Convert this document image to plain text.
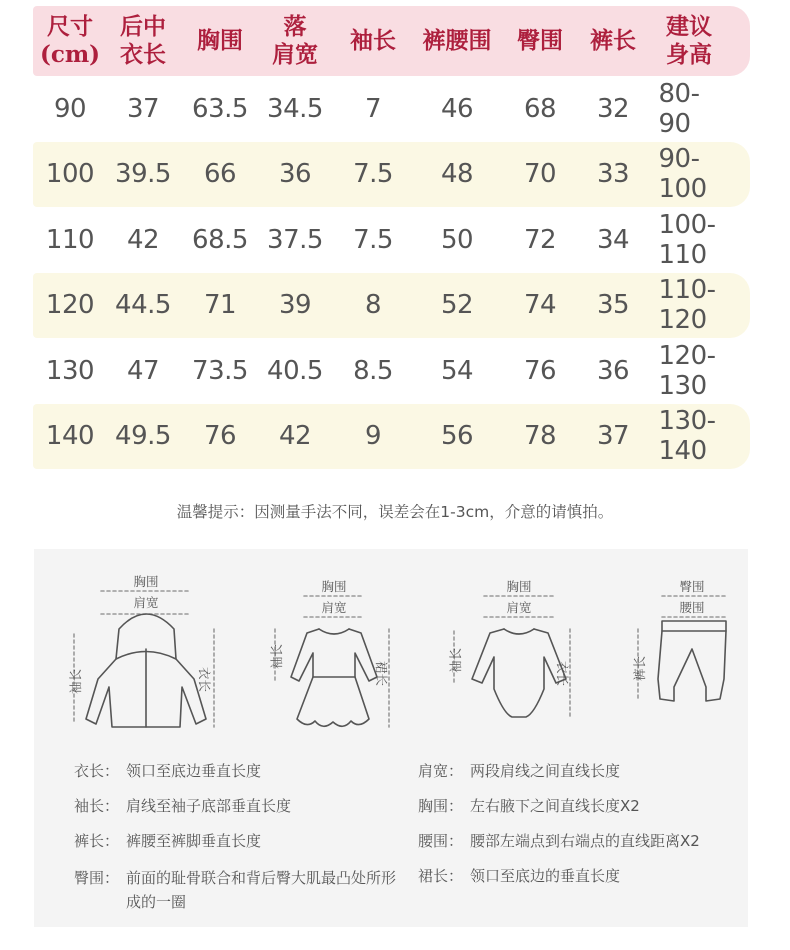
尺寸
(cm)
后中
衣长
胸围
落
肩宽
袖长 裤腰围 臀围 裤长
建议
身高
90 37 63.5 34.5 7 46 68 32 80-90
100 39.5 66 36 7.5 48 70 33 90-100
110 42 68.5 37.5 7.5 50 72 34 100-110
120 44.5 71 39 8 52 74 35 110-120
130 47 73.5 40.5 8.5 54 76 36 120-130
140 49.5 76 42 9 56 78 37 130-140
温馨提示：因测量手法不同，误差会在1-3cm，介意的请慎拍。
胸围
肩宽
袖长	衣长
胸围
肩宽
袖长
裙长
胸围
肩宽
袖长
衣长
臀围
腰围
裤长
衣长： 领口至底边垂直长度
袖长： 肩线至袖子底部垂直长度
裤长： 裤腰至裤脚垂直长度
臀围： 前面的耻骨联合和背后臀大肌最凸处所形成的一圈
肩宽： 两段肩线之间直线长度
胸围： 左右腋下之间直线长度X2
腰围： 腰部左端点到右端点的直线距离X2
裙长： 领口至底边的垂直长度
